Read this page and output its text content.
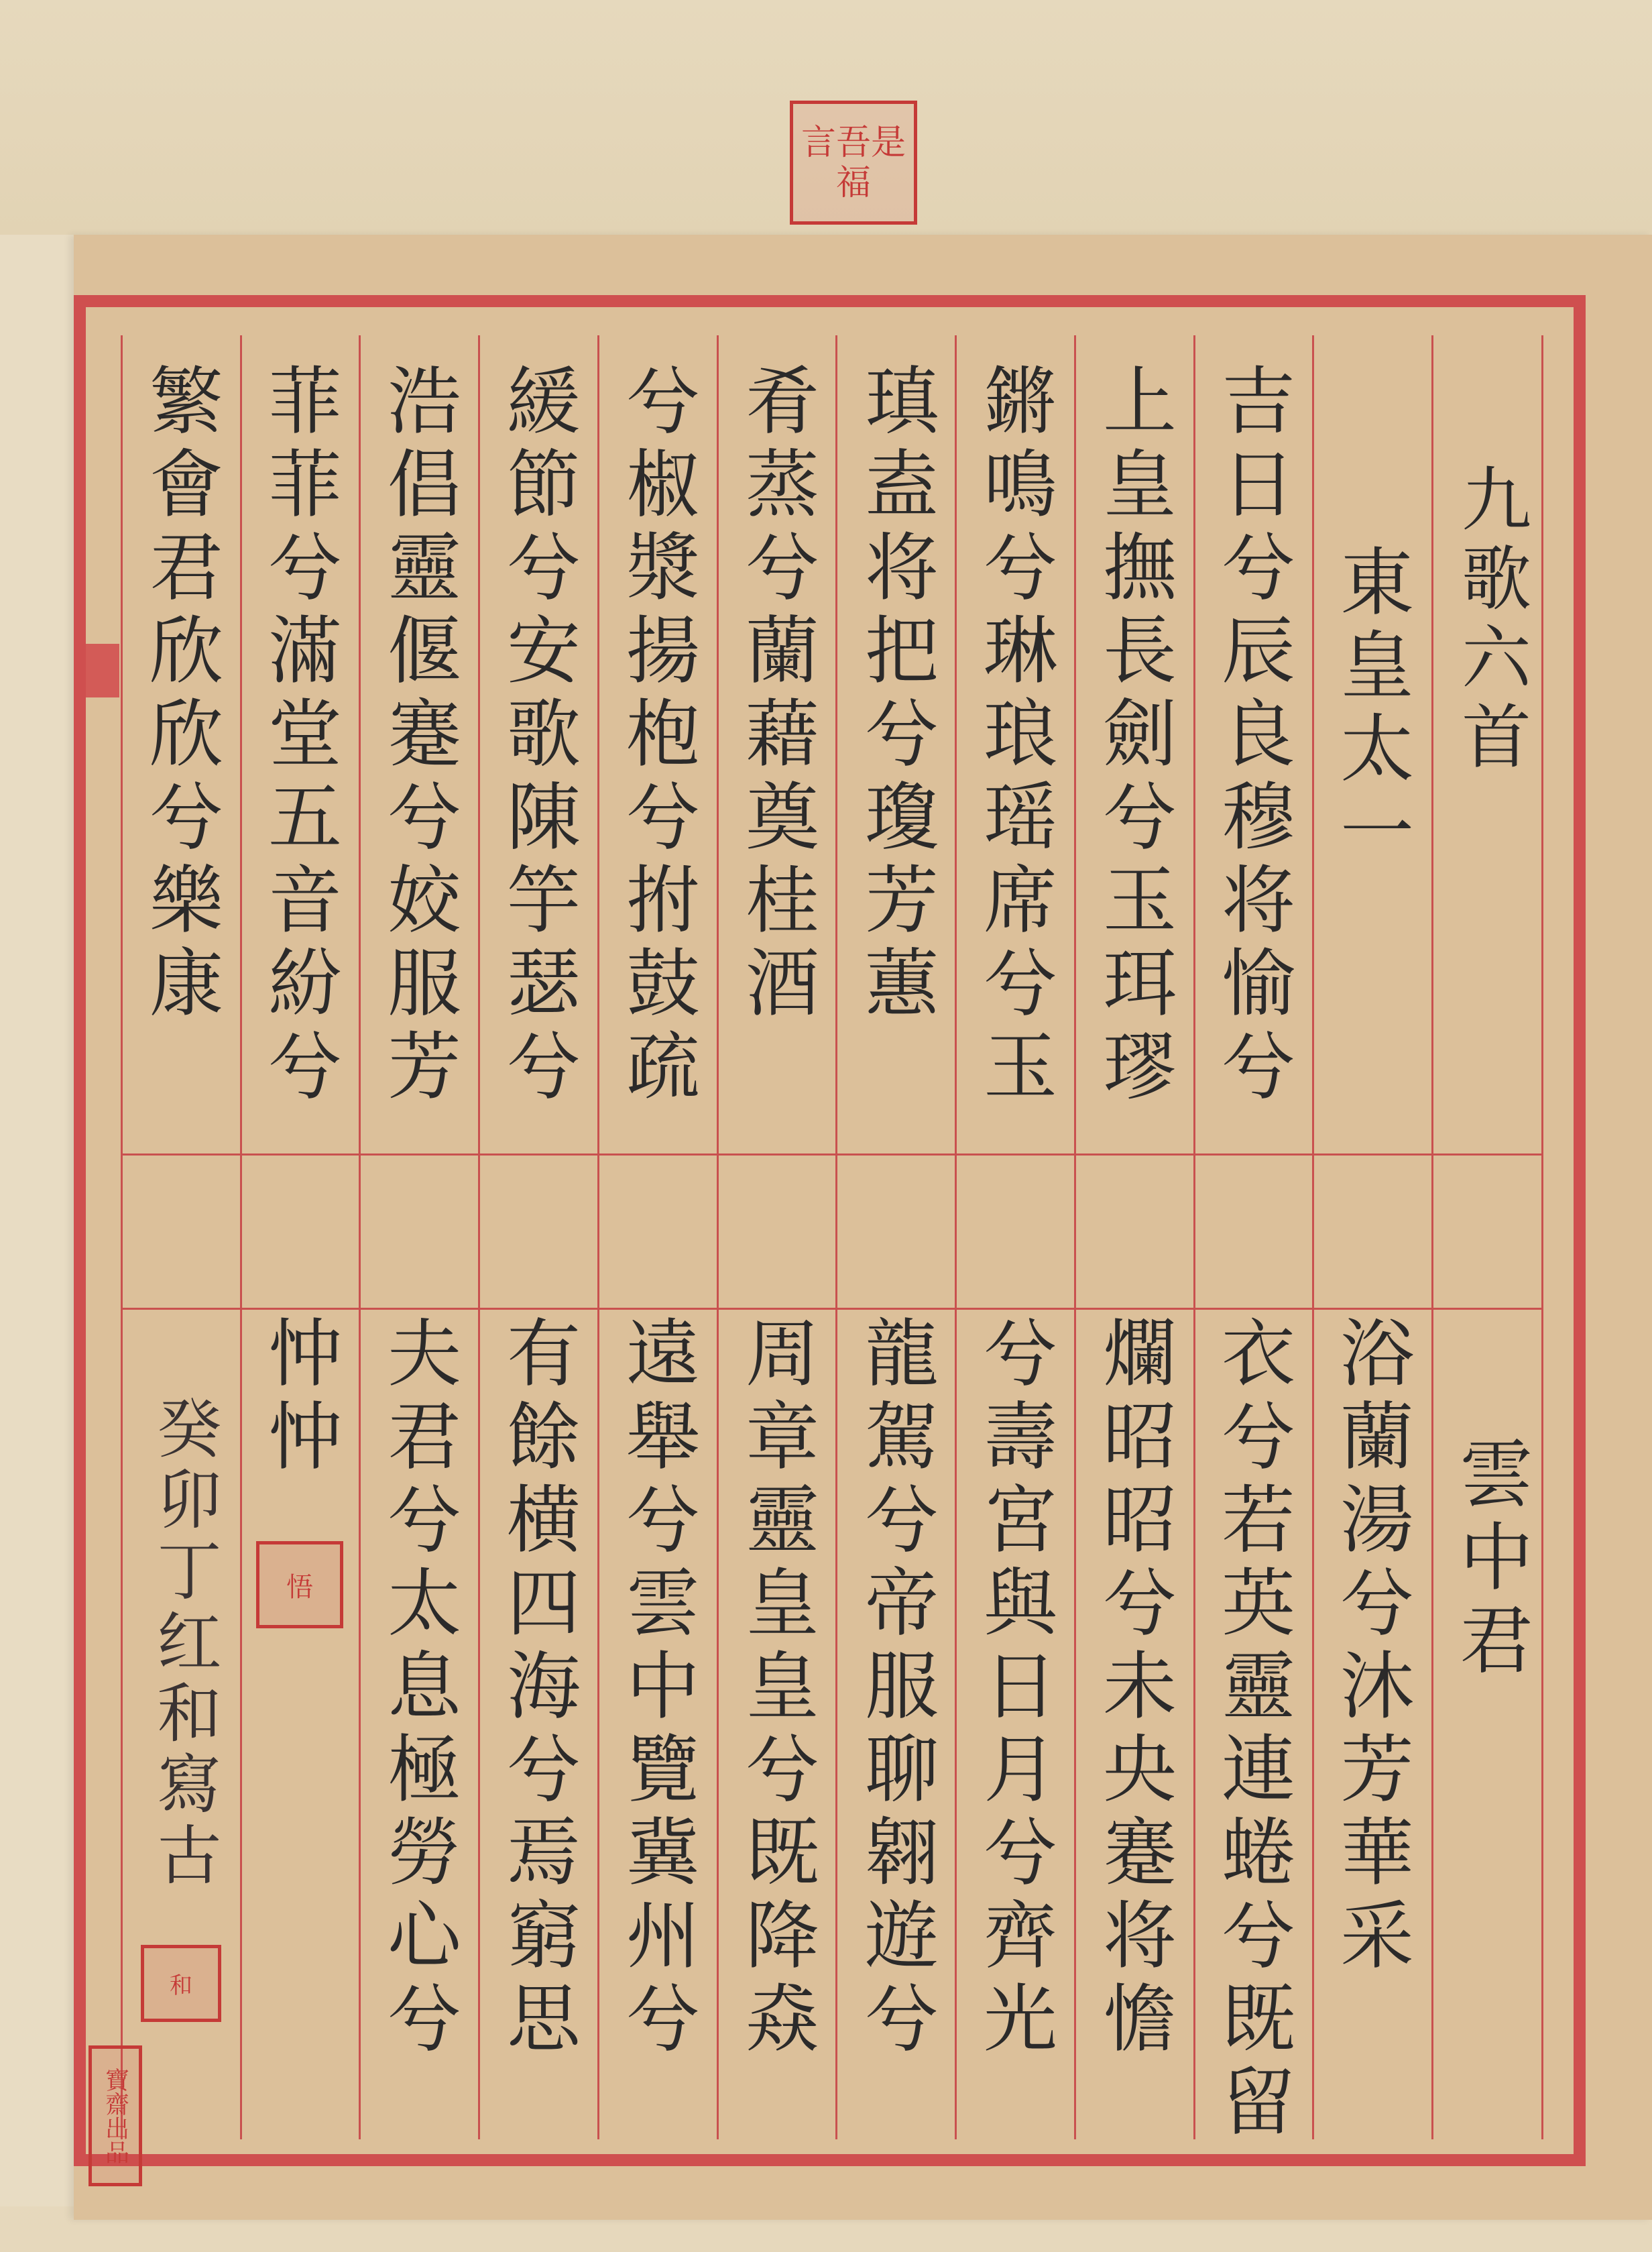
言吾是福
九歌六首
東皇太一
吉日兮辰良穆将愉兮
上皇撫長劍兮玉珥璆
鏘鳴兮琳琅瑶席兮玉
瑱盍将把兮瓊芳蕙
肴蒸兮蘭藉奠桂酒
兮椒漿揚枹兮拊鼓疏
緩節兮安歌陳竽瑟兮
浩倡靈偃蹇兮姣服芳
菲菲兮滿堂五音紛兮
繁會君欣欣兮樂康
雲中君
浴蘭湯兮沐芳華采
衣兮若英靈連蜷兮既留
爛昭昭兮未央蹇将憺
兮壽宮與日月兮齊光
龍駕兮帝服聊翱遊兮
周章靈皇皇兮既降猋
遠舉兮雲中覽冀州兮
有餘横四海兮焉窮思
夫君兮太息極勞心兮
忡忡
悟
癸卯丁红和寫古
和
寶齋出品
